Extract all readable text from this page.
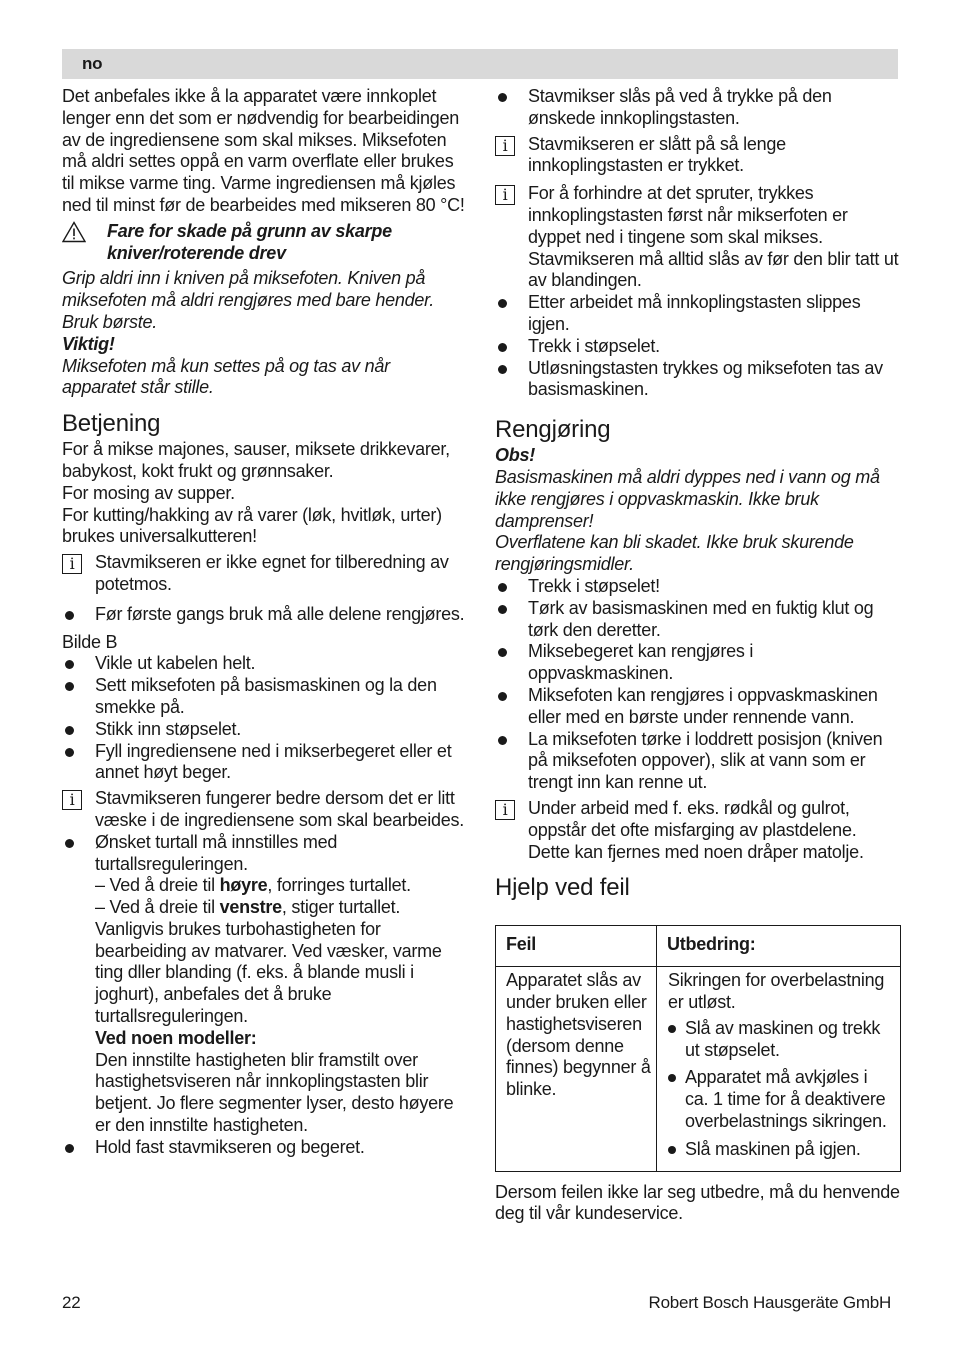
no

Det anbefales ikke å la apparatet være innkoplet lenger enn det som er nødvendig for bearbeidingen av de ingrediensene som skal mikses. Miksefoten må aldri settes oppå en varm overflate eller brukes til mikse varme ting. Varme ingrediensen må kjøles ned til minst før de bearbeides med mikseren 80 °C!

Fare for skade på grunn av skarpe kniver/roterende drev

Grip aldri inn i kniven på miksefoten. Kniven på miksefoten må aldri rengjøres med bare hender. Bruk børste.

Viktig!

Miksefoten må kun settes på og tas av når apparatet står stille.

Betjening

For å mikse majones, sauser, miksete drikkevarer, babykost, kokt frukt og grønnsaker.

For mosing av supper.

For kutting/hakking av rå varer (løk, hvitløk, urter) brukes universalkutteren!

i	Stavmikseren er ikke egnet for tilberedning av potetmos.

Før første gangs bruk må alle delene rengjøres.

Bilde B

Vikle ut kabelen helt.

Sett miksefoten på basismaskinen og la den smekke på.

Stikk inn støpselet.

Fyll ingrediensene ned i mikserbegeret eller et annet høyt beger.

i	Stavmikseren fungerer bedre dersom det er litt væske i de ingrediensene som skal bearbeides.

Ønsket turtall må innstilles med turtallsreguleringen.

– Ved å dreie til høyre, forringes turtallet.

– Ved å dreie til venstre, stiger turtallet.

Vanligvis brukes turbohastigheten for bearbeiding av matvarer. Ved væsker, varme ting dller blanding (f. eks. å blande musli i joghurt), anbefales det å bruke turtallsreguleringen.

Ved noen modeller:

Den innstilte hastigheten blir framstilt over hastighetsviseren når innkoplingstasten blir betjent. Jo flere segmenter lyser, desto høyere er den innstilte hastigheten.

Hold fast stavmikseren og begeret.

Stavmikser slås på ved å trykke på den ønskede innkoplingstasten.

i	Stavmikseren er slått på så lenge innkoplingstasten er trykket.

i	For å forhindre at det spruter, trykkes innkoplingstasten først når mikserfoten er dyppet ned i tingene som skal mikses. Stavmikseren må alltid slås av før den blir tatt ut av blandingen.

Etter arbeidet må innkoplingstasten slippes igjen.

Trekk i støpselet.

Utløsningstasten trykkes og miksefoten tas av basismaskinen.

Rengjøring

Obs!

Basismaskinen må aldri dyppes ned i vann og må ikke rengjøres i oppvaskmaskin. Ikke bruk damprenser!

Overflatene kan bli skadet. Ikke bruk skurende rengjøringsmidler.

Trekk i støpselet!

Tørk av basismaskinen med en fuktig klut og tørk den deretter.

Miksebegeret kan rengjøres i oppvaskmaskinen.

Miksefoten kan rengjøres i oppvaskmaskinen eller med en børste under rennende vann.

La miksefoten tørke i loddrett posisjon (kniven på miksefoten oppover), slik at vann som er trengt inn kan renne ut.

i	Under arbeid med f. eks. rødkål og gulrot, oppstår det ofte misfarging av plastdelene. Dette kan fjernes med noen dråper matolje.

Hjelp ved feil
Feil	Utbedring:

Apparatet slås av under bruken eller hastighetsviseren (dersom denne finnes) begynner å blinke.	Sikringen for overbelastning er utløst.

Slå av maskinen og trekk ut støpselet.

Apparatet må avkjøles i ca. 1 time for å deaktivere overbelastnings sikringen.

Slå maskinen på igjen.

Dersom feilen ikke lar seg utbedre, må du henvende deg til vår kundeservice.

22	Robert Bosch Hausgeräte GmbH
